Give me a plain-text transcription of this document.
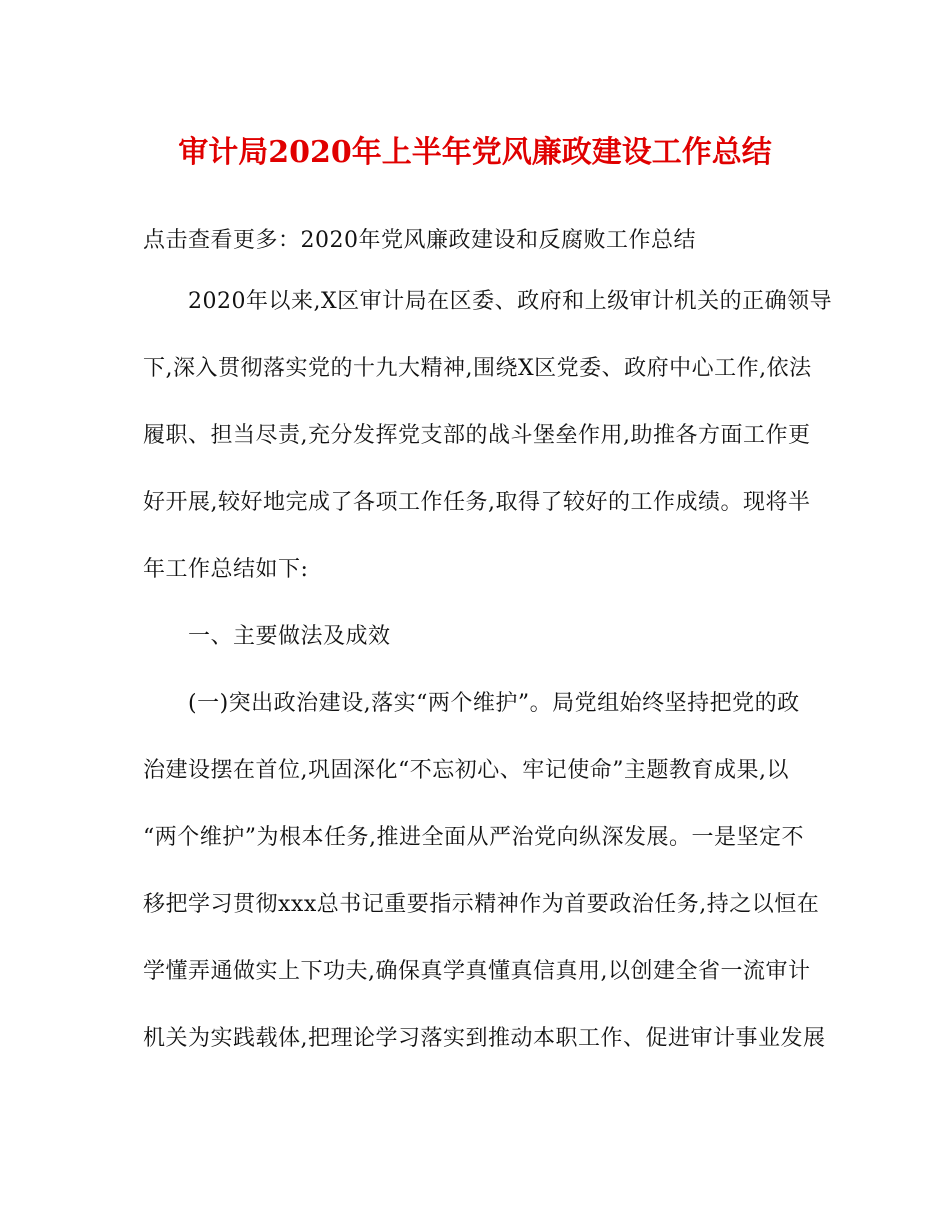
审计局2020年上半年党风廉政建设工作总结
点击查看更多：2020年党风廉政建设和反腐败工作总结
　　2020年以来,X区审计局在区委、政府和上级审计机关的正确领导
下,深入贯彻落实党的十九大精神,围绕X区党委、政府中心工作,依法
履职、担当尽责,充分发挥党支部的战斗堡垒作用,助推各方面工作更
好开展,较好地完成了各项工作任务,取得了较好的工作成绩。现将半
年工作总结如下:
　　一、主要做法及成效
　　(一)突出政治建设,落实“两个维护”。局党组始终坚持把党的政
治建设摆在首位,巩固深化“不忘初心、牢记使命”主题教育成果,以
“两个维护”为根本任务,推进全面从严治党向纵深发展。一是坚定不
移把学习贯彻xxx总书记重要指示精神作为首要政治任务,持之以恒在
学懂弄通做实上下功夫,确保真学真懂真信真用,以创建全省一流审计
机关为实践载体,把理论学习落实到推动本职工作、促进审计事业发展
